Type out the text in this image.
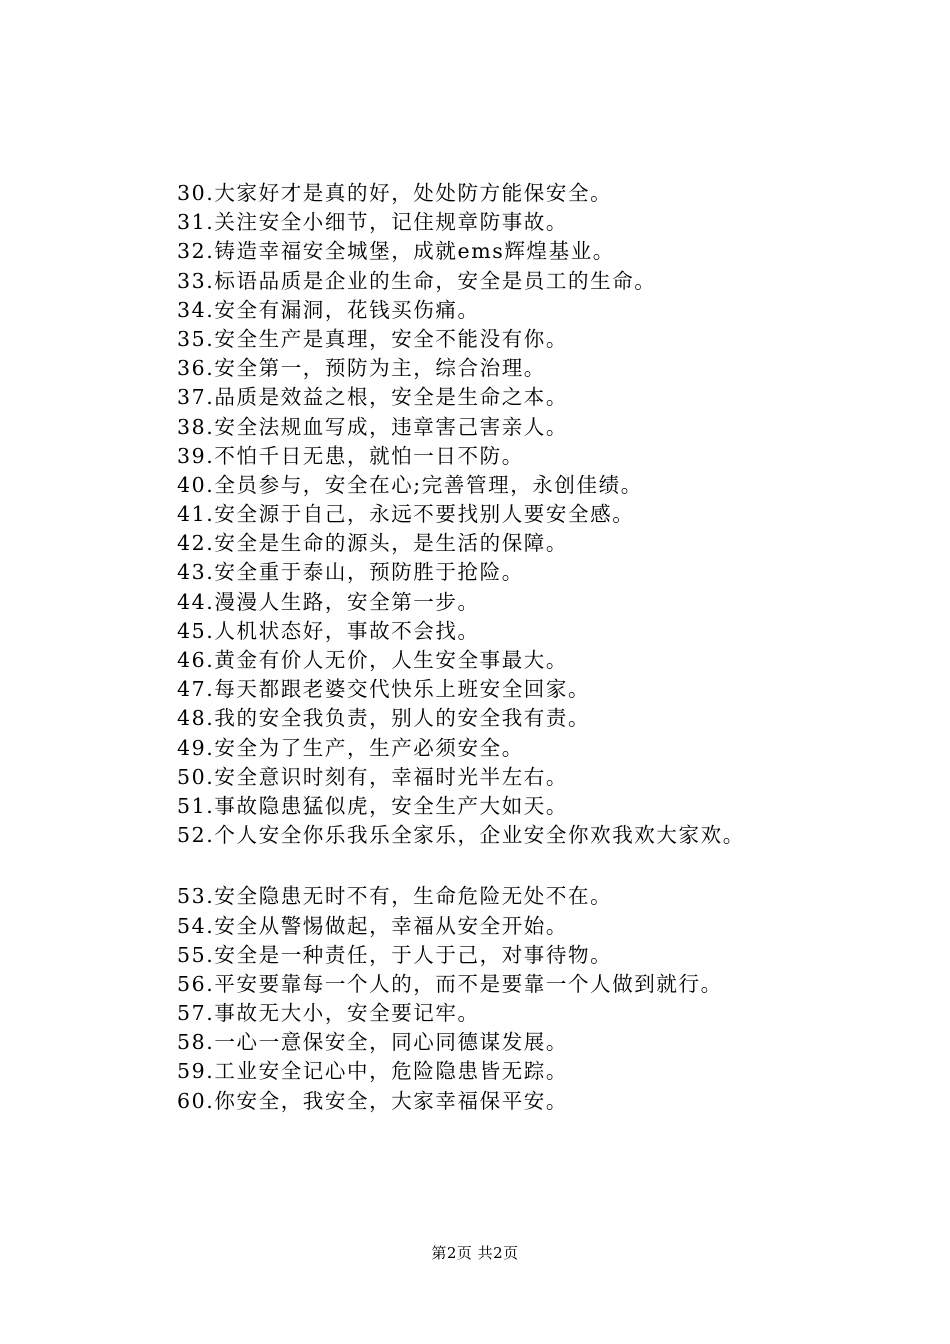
30.大家好才是真的好，处处防方能保安全。
31.关注安全小细节，记住规章防事故。
32.铸造幸福安全城堡，成就ems辉煌基业。
33.标语品质是企业的生命，安全是员工的生命。
34.安全有漏洞，花钱买伤痛。
35.安全生产是真理，安全不能没有你。
36.安全第一，预防为主，综合治理。
37.品质是效益之根，安全是生命之本。
38.安全法规血写成，违章害己害亲人。
39.不怕千日无患，就怕一日不防。
40.全员参与，安全在心;完善管理，永创佳绩。
41.安全源于自己，永远不要找别人要安全感。
42.安全是生命的源头，是生活的保障。
43.安全重于泰山，预防胜于抢险。
44.漫漫人生路，安全第一步。
45.人机状态好，事故不会找。
46.黄金有价人无价，人生安全事最大。
47.每天都跟老婆交代快乐上班安全回家。
48.我的安全我负责，别人的安全我有责。
49.安全为了生产，生产必须安全。
50.安全意识时刻有，幸福时光半左右。
51.事故隐患猛似虎，安全生产大如天。
52.个人安全你乐我乐全家乐，企业安全你欢我欢大家欢。
53.安全隐患无时不有，生命危险无处不在。
54.安全从警惕做起，幸福从安全开始。
55.安全是一种责任，于人于己，对事待物。
56.平安要靠每一个人的，而不是要靠一个人做到就行。
57.事故无大小，安全要记牢。
58.一心一意保安全，同心同德谋发展。
59.工业安全记心中，危险隐患皆无踪。
60.你安全，我安全，大家幸福保平安。
第2页 共2页
